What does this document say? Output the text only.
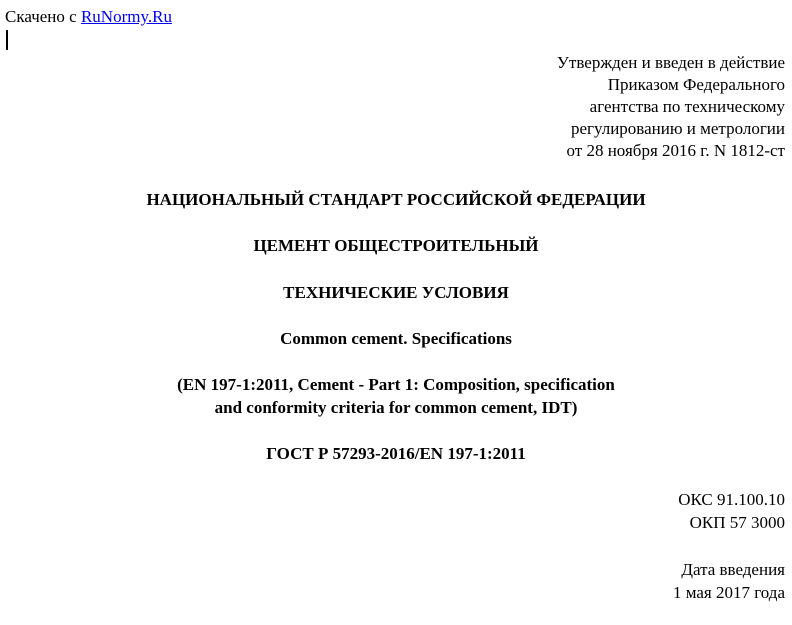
Скачено с RuNormy.Ru
Утвержден и введен в действие
Приказом Федерального
агентства по техническому
регулированию и метрологии
от 28 ноября 2016 г. N 1812-ст
НАЦИОНАЛЬНЫЙ СТАНДАРТ РОССИЙСКОЙ ФЕДЕРАЦИИ
ЦЕМЕНТ ОБЩЕСТРОИТЕЛЬНЫЙ
ТЕХНИЧЕСКИЕ УСЛОВИЯ
Common cement. Specifications
(EN 197-1:2011, Cement - Part 1: Composition, specification
and conformity criteria for common cement, IDT)
ГОСТ Р 57293-2016/EN 197-1:2011
ОКС 91.100.10
ОКП 57 3000
Дата введения
1 мая 2017 года
